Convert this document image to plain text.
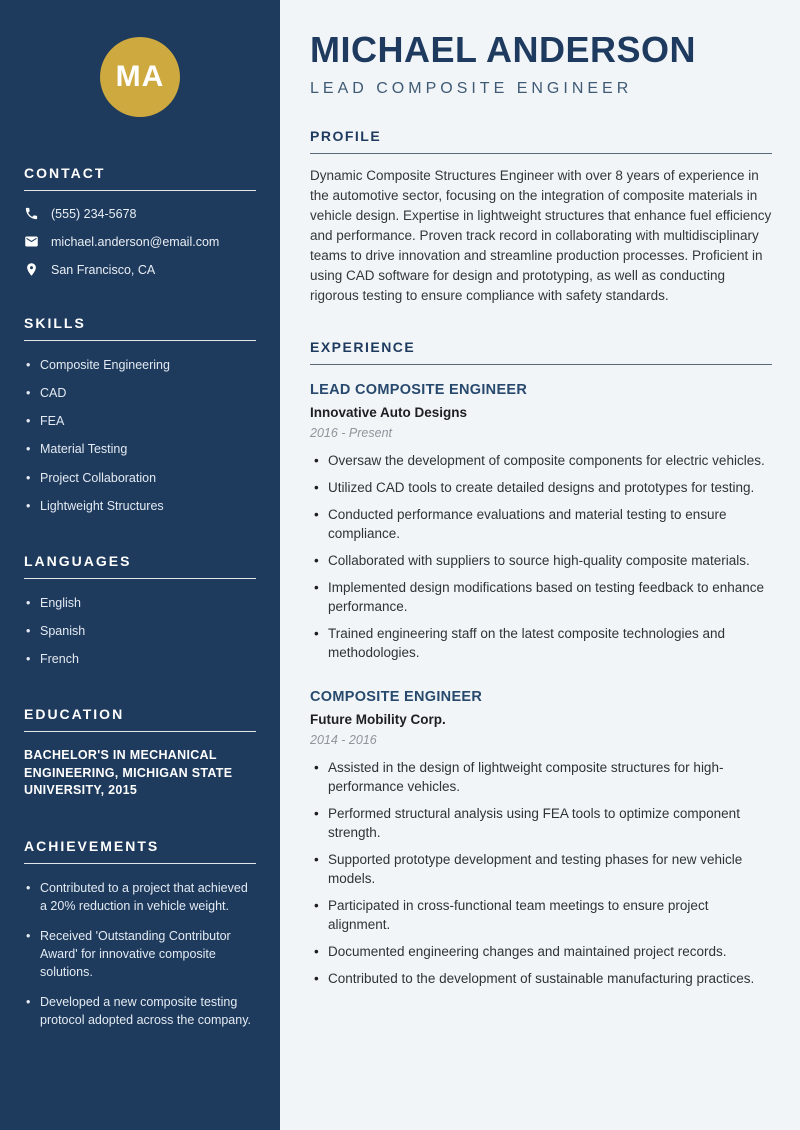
MA
CONTACT
(555) 234-5678
michael.anderson@email.com
San Francisco, CA
SKILLS
• Composite Engineering
• CAD
• FEA
• Material Testing
• Project Collaboration
• Lightweight Structures
LANGUAGES
• English
• Spanish
• French
EDUCATION

BACHELOR'S IN MECHANICAL ENGINEERING, MICHIGAN STATE UNIVERSITY, 2015

ACHIEVEMENTS
• Contributed to a project that achieved a 20% reduction in vehicle weight.
• Received 'Outstanding Contributor Award' for innovative composite solutions.
• Developed a new composite testing protocol adopted across the company.
MICHAEL ANDERSON
LEAD COMPOSITE ENGINEER
PROFILE

Dynamic Composite Structures Engineer with over 8 years of experience in the automotive sector, focusing on the integration of composite materials in vehicle design. Expertise in lightweight structures that enhance fuel efficiency and performance. Proven track record in collaborating with multidisciplinary teams to drive innovation and streamline production processes. Proficient in using CAD software for design and prototyping, as well as conducting rigorous testing to ensure compliance with safety standards.

EXPERIENCE
LEAD COMPOSITE ENGINEER
Innovative Auto Designs
2016 - Present
• Oversaw the development of composite components for electric vehicles.
• Utilized CAD tools to create detailed designs and prototypes for testing.
• Conducted performance evaluations and material testing to ensure compliance.
• Collaborated with suppliers to source high-quality composite materials.
• Implemented design modifications based on testing feedback to enhance performance.
• Trained engineering staff on the latest composite technologies and methodologies.
COMPOSITE ENGINEER
Future Mobility Corp.
2014 - 2016
• Assisted in the design of lightweight composite structures for high-performance vehicles.
• Performed structural analysis using FEA tools to optimize component strength.
• Supported prototype development and testing phases for new vehicle models.
• Participated in cross-functional team meetings to ensure project alignment.
• Documented engineering changes and maintained project records.
• Contributed to the development of sustainable manufacturing practices.
